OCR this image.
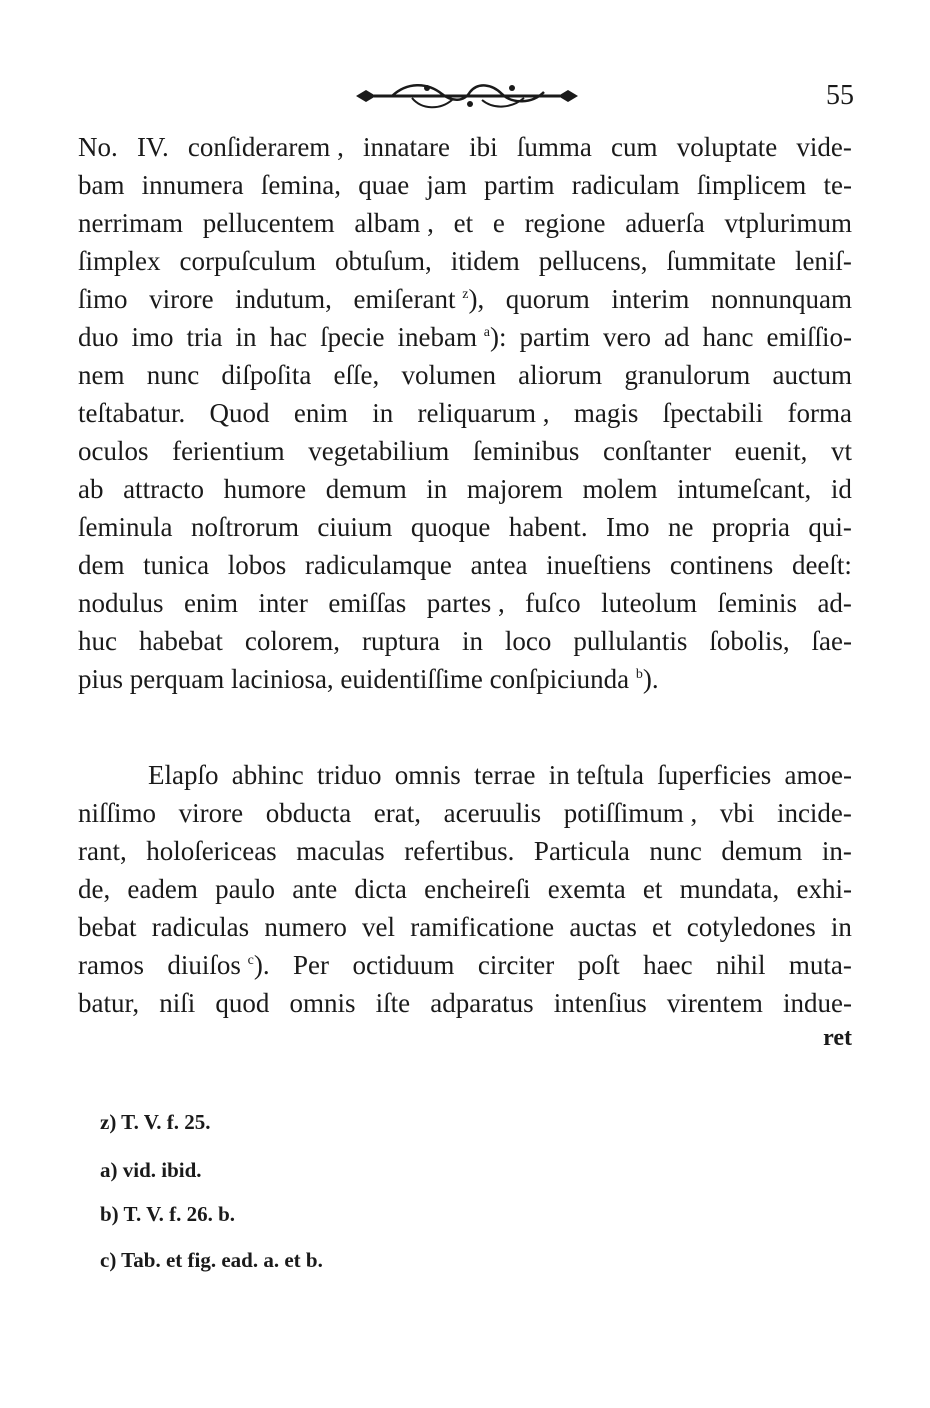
55
No. IV. conſiderarem , innatare ibi ſumma cum voluptate vide-
bam innumera ſemina, quae jam partim radiculam ſimplicem te-
nerrimam pellucentem albam , et e regione aduerſa vtplurimum
ſimplex corpuſculum obtuſum, itidem pellucens, ſummitate leniſ-
ſimo virore indutum, emiſerant $^z$), quorum interim nonnunquam
duo imo tria in hac ſpecie inebam $^a$): partim vero ad hanc emiſſio-
nem nunc diſpoſita eſſe, volumen aliorum granulorum auctum
teſtabatur. Quod enim in reliquarum , magis ſpectabili forma
oculos ferientium vegetabilium ſeminibus conſtanter euenit, vt
ab attracto humore demum in majorem molem intumeſcant, id
ſeminula noſtrorum ciuium quoque habent. Imo ne propria qui-
dem tunica lobos radiculamque antea inueſtiens continens deeſt:
nodulus enim inter emiſſas partes , fuſco luteolum ſeminis ad-
huc habebat colorem, ruptura in loco pullulantis ſobolis, ſae-
pius perquam laciniosa, euidentiſſime conſpiciunda $^b$).
Elapſo abhinc triduo omnis terrae in teſtula ſuperficies amoe-
niſſimo virore obducta erat, aceruulis potiſſimum , vbi incide-
rant, holoſericeas maculas refertibus. Particula nunc demum in-
de, eadem paulo ante dicta encheireſi exemta et mundata, exhi-
bebat radiculas numero vel ramificatione auctas et cotyledones in
ramos diuiſos $^c$). Per octiduum circiter poſt haec nihil muta-
batur, niſi quod omnis iſte adparatus intenſius virentem indue-
ret
z) T. V. f. 25.
a) vid. ibid.
b) T. V. f. 26. b.
c) Tab. et fig. ead. a. et b.
